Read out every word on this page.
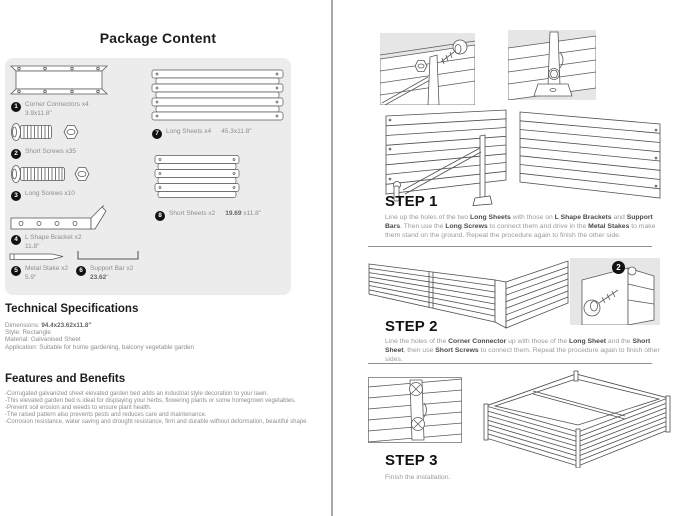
Package Content
1	Corner Connectors x4
3.9x11.8"
2	Short Screws x35
3	Long Screws x10
4	L Shape Bracket x2
11.8"
5	Metal Stake x2
5.9"
6	Support Bar x2
23.62"
7	Long Sheets x4 45.3x11.8"
8	Short Sheets x2 19.69 x11.8"
Technical Specifications
Dimensions: 94.4x23.62x11.8"
Style: Rectangle
Material: Galvanised Sheet
Application: Suitable for home gardening, balcony vegetable garden
Features and Benefits
-Corrugated galvanized sheet elevated garden bed adds an industrial style decoration to your lawn.
-This elevated garden bed is ideal for displaying your herbs, flowering plants or some homegrown vegetables.
-Prevent soil erosion and weeds to ensure plant health.
-The raised pattern also prevents pests and reduces care and maintenance.
-Corrosion resistance, water saving and drought resistance, firm and durable without deformation, beautiful shape
STEP 1
Line up the holes of the two Long Sheets with those on L Shape Brackets and Support Bars. Then use the Long Screws to connect them and drive in the Metal Stakes to make them stand on the ground. Repeat the procedure again to finish the other side.
2
STEP 2
Line the holes of the Corner Connector up with those of the Long Sheet and the Short Sheet, then use Short Screws to connect them. Repeat the procedure again to finish other sides.
STEP 3
Finish the installation.
